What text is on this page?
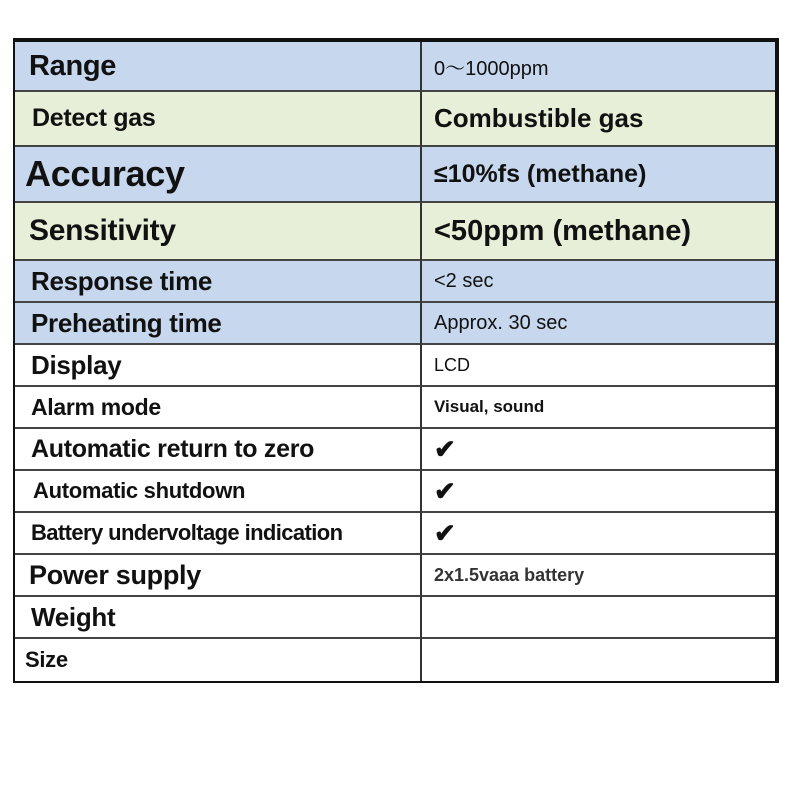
Range	0～1000ppm
Detect gas	Combustible gas
Accuracy	≤10%fs (methane)
Sensitivity	<50ppm (methane)
Response time	<2 sec
Preheating time	Approx. 30 sec
Display	LCD
Alarm mode	Visual, sound
Automatic return to zero	✔
Automatic shutdown	✔
Battery undervoltage indication	✔
Power supply	2x1.5vaaa battery
Weight
Size
